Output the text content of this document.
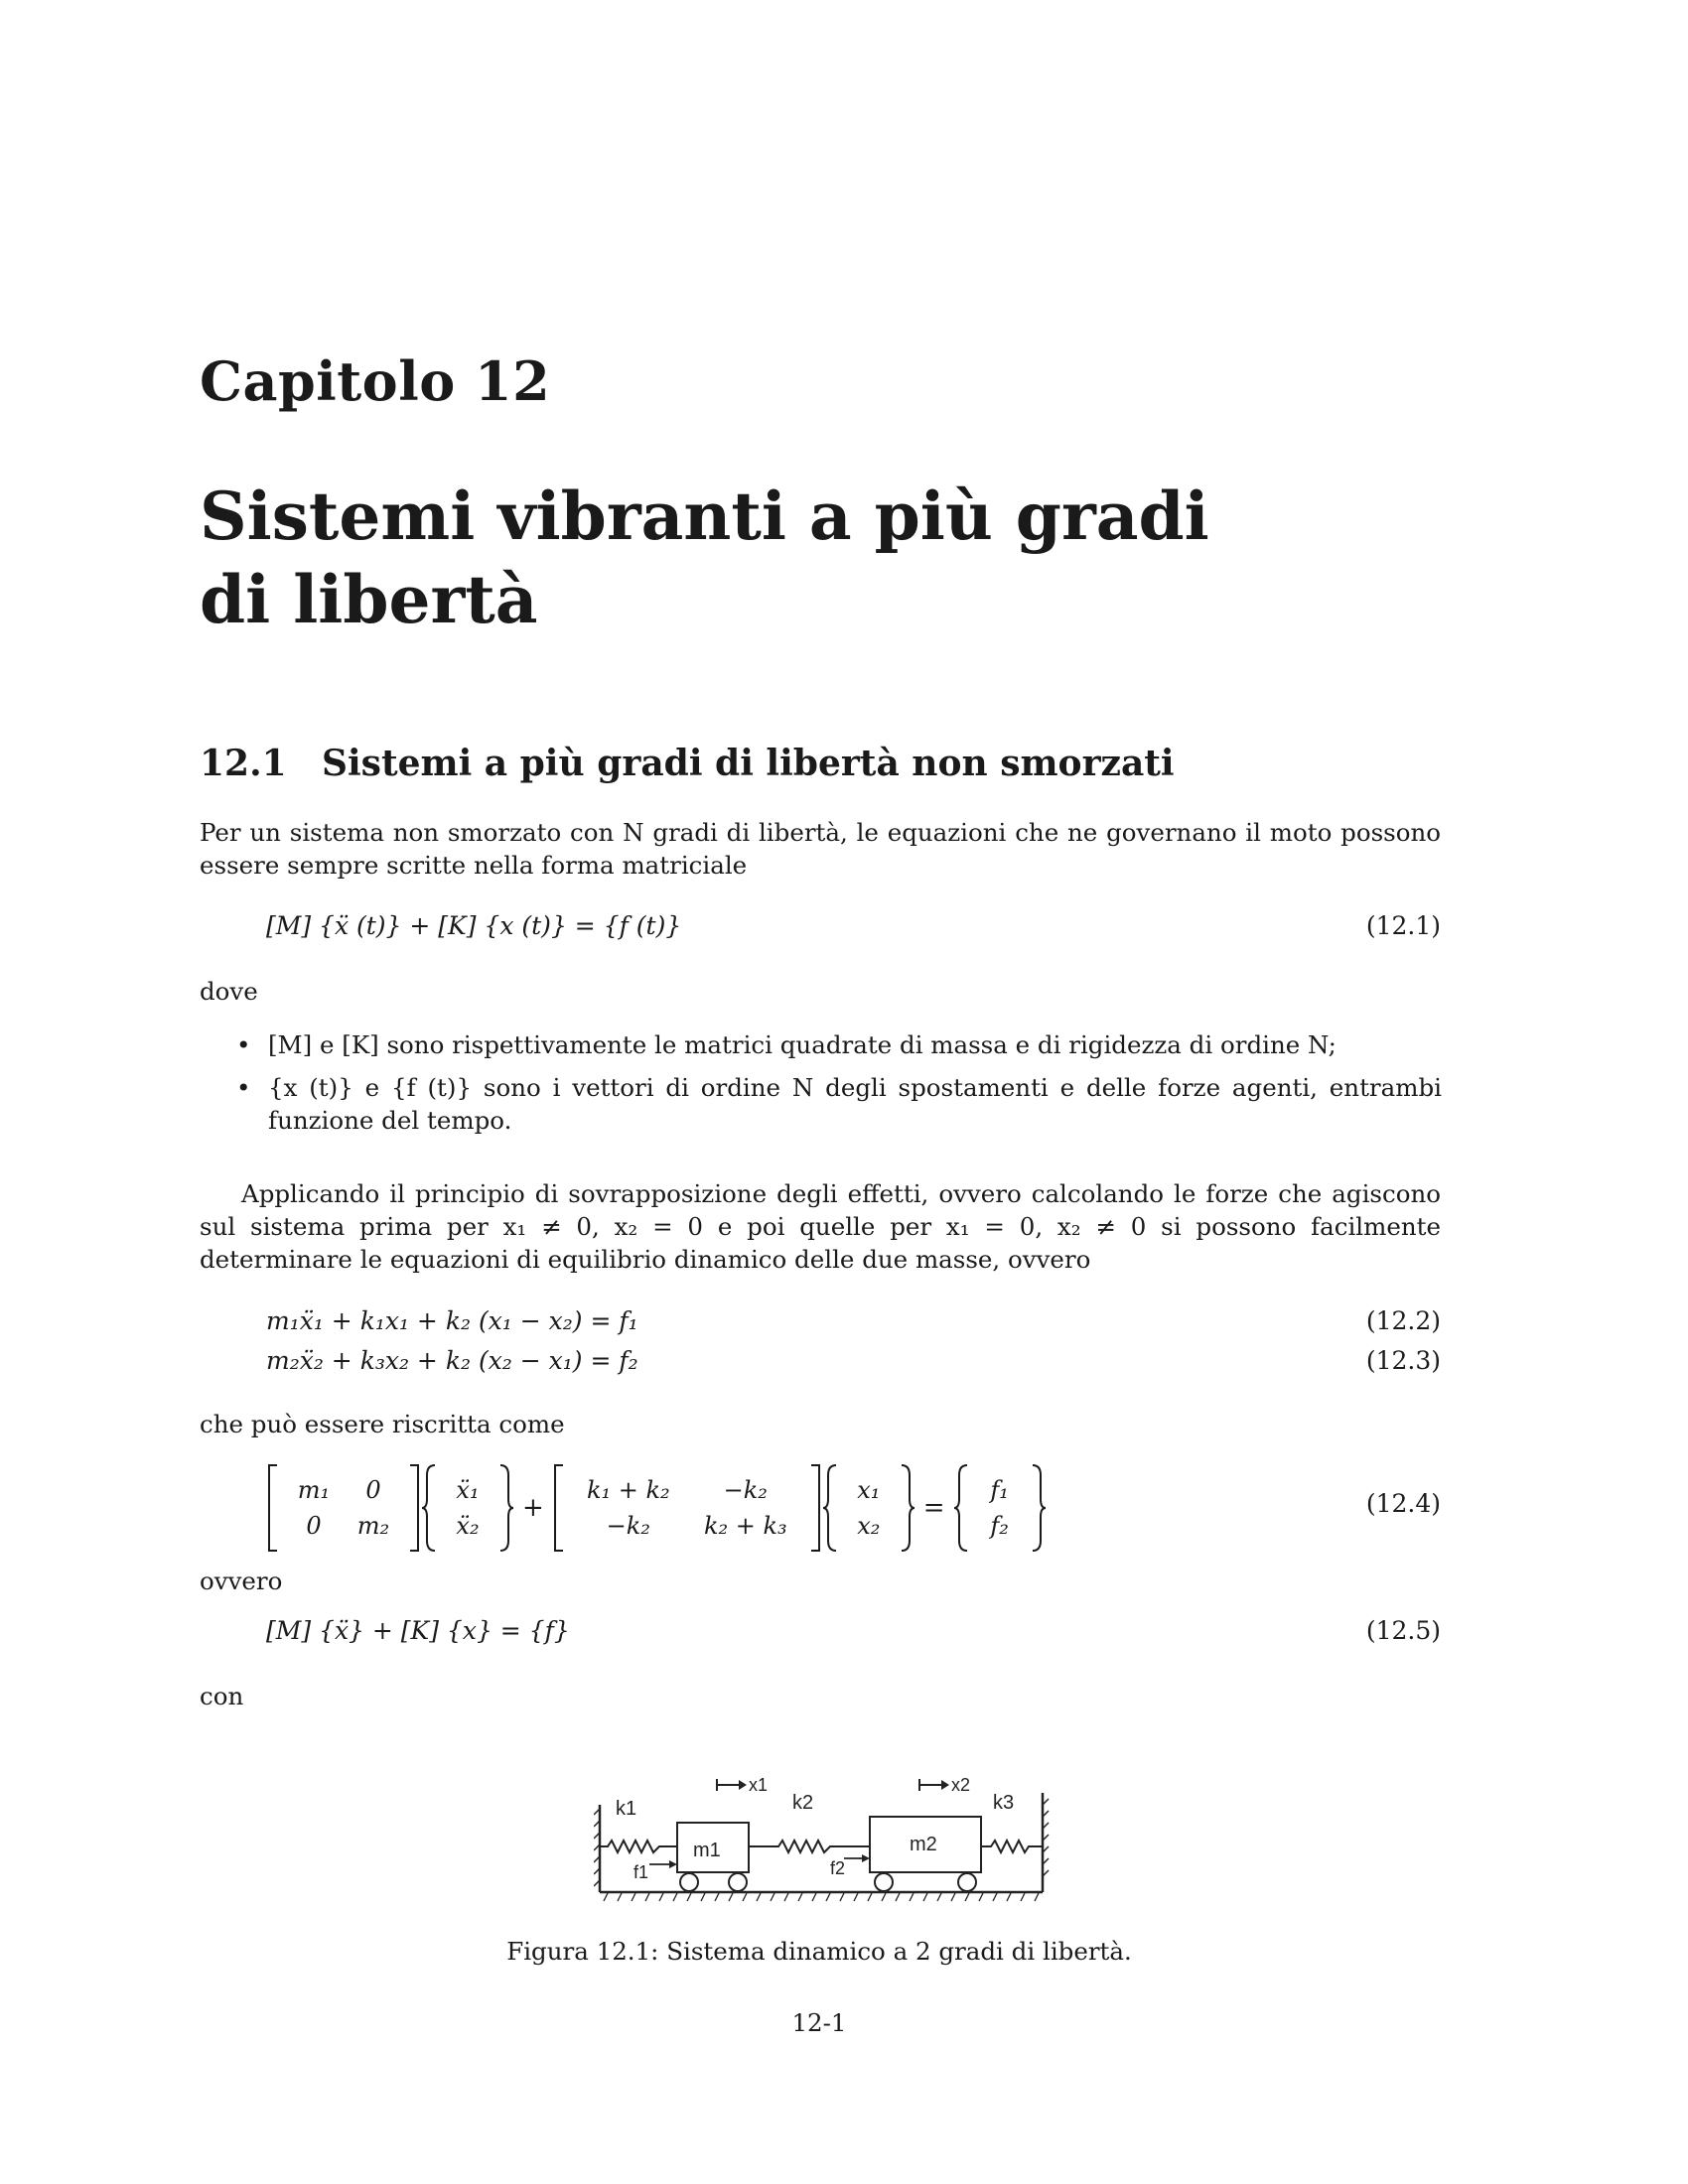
Capitolo 12
Sistemi vibranti a più gradi di libertà
12.1 Sistemi a più gradi di libertà non smorzati
Per un sistema non smorzato con N gradi di libertà, le equazioni che ne governano il moto possono essere sempre scritte nella forma matriciale
[M] {ẍ (t)} + [K] {x (t)} = {f (t)}	(12.1)
dove
• [M] e [K] sono rispettivamente le matrici quadrate di massa e di rigidezza di ordine N;
• {x (t)} e {f (t)} sono i vettori di ordine N degli spostamenti e delle forze agenti, entrambi funzione del tempo.
Applicando il principio di sovrapposizione degli effetti, ovvero calcolando le forze che agiscono sul sistema prima per x₁ ≠ 0, x₂ = 0 e poi quelle per x₁ = 0, x₂ ≠ 0 si possono facilmente determinare le equazioni di equilibrio dinamico delle due masse, ovvero
m₁ẍ₁ + k₁x₁ + k₂ (x₁ − x₂) = f₁	(12.2)
m₂ẍ₂ + k₃x₂ + k₂ (x₂ − x₁) = f₂	(12.3)
che può essere riscritta come
m₁	0
0	m₂
ẍ₁
ẍ₂
+
k₁ + k₂	−k₂
−k₂	k₂ + k₃
x₁
x₂
=
f₁
f₂
(12.4)
ovvero
[M] {ẍ} + [K] {x} = {f}	(12.5)
con
k1	k2	k3
m1	m2
x1	x2
f1	f2
Figura 12.1: Sistema dinamico a 2 gradi di libertà.
12-1
